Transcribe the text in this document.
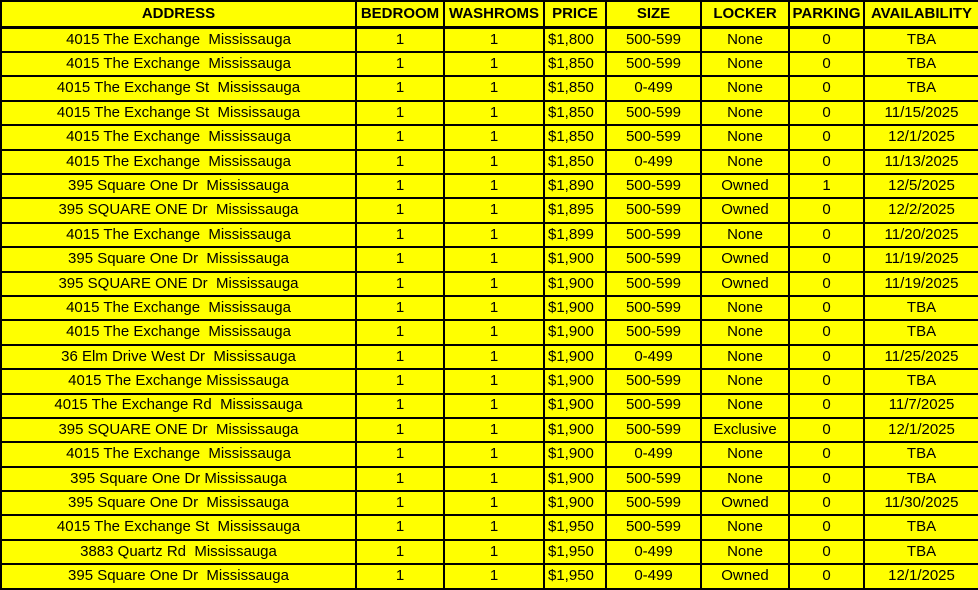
ADDRESS	BEDROOM	WASHROMS	PRICE	SIZE	LOCKER	PARKING	AVAILABILITY
4015 The Exchange  Mississauga	1	1	$1,800	500-599	None	0	TBA
4015 The Exchange  Mississauga	1	1	$1,850	500-599	None	0	TBA
4015 The Exchange St  Mississauga	1	1	$1,850	0-499	None	0	TBA
4015 The Exchange St  Mississauga	1	1	$1,850	500-599	None	0	11/15/2025
4015 The Exchange  Mississauga	1	1	$1,850	500-599	None	0	12/1/2025
4015 The Exchange  Mississauga	1	1	$1,850	0-499	None	0	11/13/2025
395 Square One Dr  Mississauga	1	1	$1,890	500-599	Owned	1	12/5/2025
395 SQUARE ONE Dr  Mississauga	1	1	$1,895	500-599	Owned	0	12/2/2025
4015 The Exchange  Mississauga	1	1	$1,899	500-599	None	0	11/20/2025
395 Square One Dr  Mississauga	1	1	$1,900	500-599	Owned	0	11/19/2025
395 SQUARE ONE Dr  Mississauga	1	1	$1,900	500-599	Owned	0	11/19/2025
4015 The Exchange  Mississauga	1	1	$1,900	500-599	None	0	TBA
4015 The Exchange  Mississauga	1	1	$1,900	500-599	None	0	TBA
36 Elm Drive West Dr  Mississauga	1	1	$1,900	0-499	None	0	11/25/2025
4015 The Exchange Mississauga	1	1	$1,900	500-599	None	0	TBA
4015 The Exchange Rd  Mississauga	1	1	$1,900	500-599	None	0	11/7/2025
395 SQUARE ONE Dr  Mississauga	1	1	$1,900	500-599	Exclusive	0	12/1/2025
4015 The Exchange  Mississauga	1	1	$1,900	0-499	None	0	TBA
395 Square One Dr Mississauga	1	1	$1,900	500-599	None	0	TBA
395 Square One Dr  Mississauga	1	1	$1,900	500-599	Owned	0	11/30/2025
4015 The Exchange St  Mississauga	1	1	$1,950	500-599	None	0	TBA
3883 Quartz Rd  Mississauga	1	1	$1,950	0-499	None	0	TBA
395 Square One Dr  Mississauga	1	1	$1,950	0-499	Owned	0	12/1/2025
